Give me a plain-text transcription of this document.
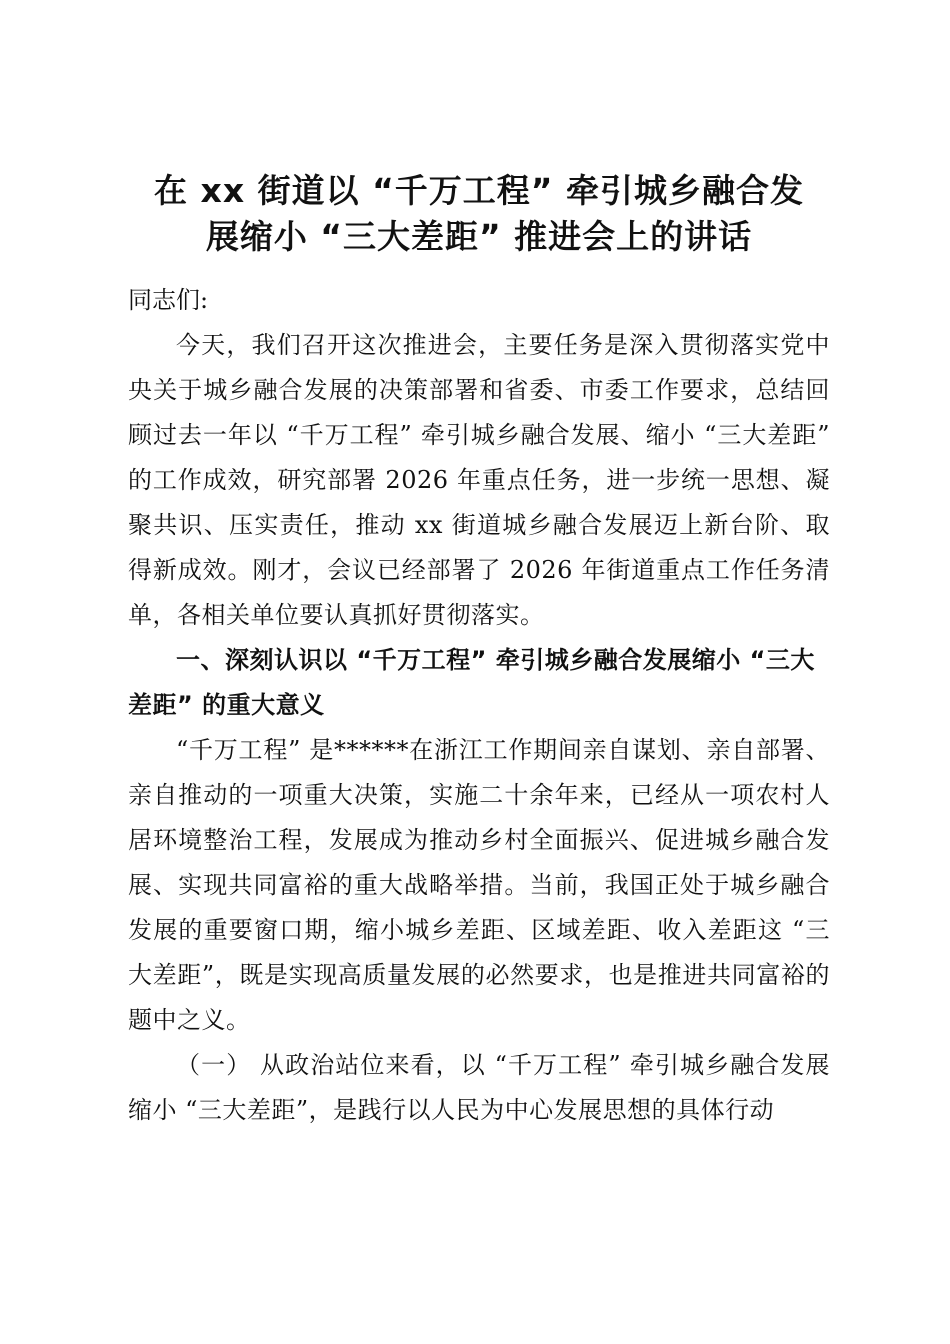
在 xx 街道以 “千万工程” 牵引城乡融合发
展缩小 “三大差距” 推进会上的讲话

同志们:

今天，我们召开这次推进会，主要任务是深入贯彻落实党中央关于城乡融合发展的决策部署和省委、市委工作要求，总结回顾过去一年以 “千万工程” 牵引城乡融合发展、缩小 “三大差距” 的工作成效，研究部署 2026 年重点任务，进一步统一思想、凝聚共识、压实责任，推动 xx 街道城乡融合发展迈上新台阶、取得新成效。刚才，会议已经部署了 2026 年街道重点工作任务清单，各相关单位要认真抓好贯彻落实。

一、深刻认识以 “千万工程” 牵引城乡融合发展缩小 “三大差距” 的重大意义

“千万工程” 是******在浙江工作期间亲自谋划、亲自部署、亲自推动的一项重大决策，实施二十余年来，已经从一项农村人居环境整治工程，发展成为推动乡村全面振兴、促进城乡融合发展、实现共同富裕的重大战略举措。当前，我国正处于城乡融合发展的重要窗口期，缩小城乡差距、区域差距、收入差距这 “三大差距”，既是实现高质量发展的必然要求，也是推进共同富裕的题中之义。

（一） 从政治站位来看，以 “千万工程” 牵引城乡融合发展缩小 “三大差距”，是践行以人民为中心发展思想的具体行动
